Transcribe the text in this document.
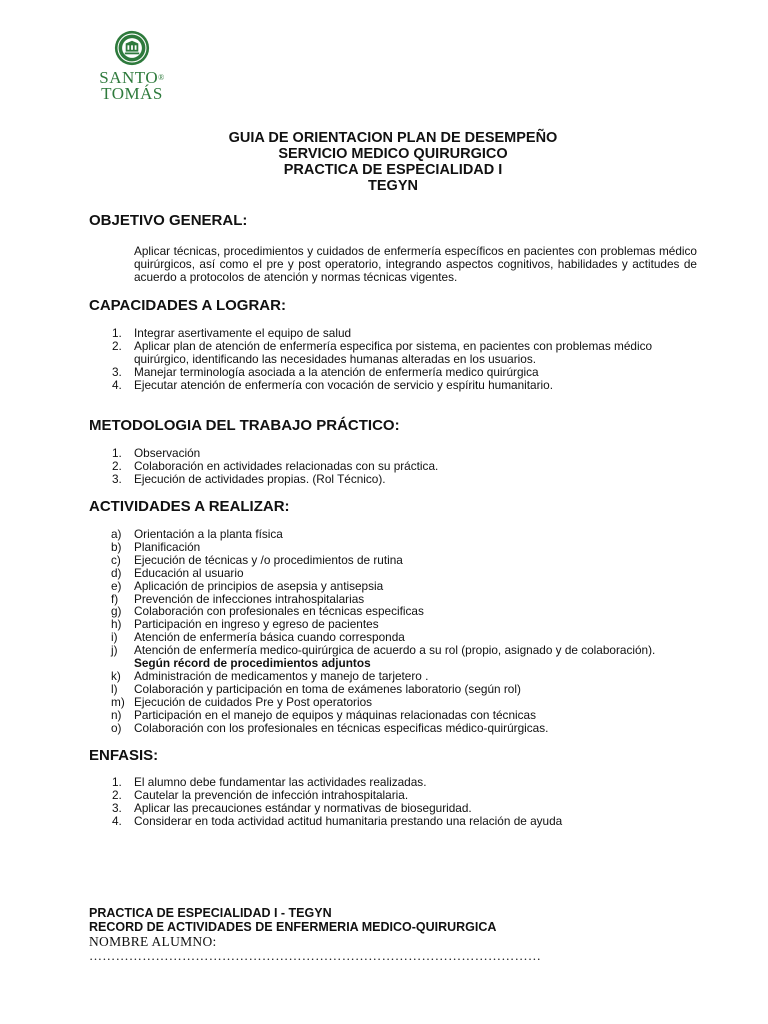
SANTO®
TOMÁS
GUIA DE ORIENTACION PLAN DE DESEMPEÑO
SERVICIO MEDICO QUIRURGICO
PRACTICA DE ESPECIALIDAD I
TEGYN
OBJETIVO GENERAL:

Aplicar técnicas, procedimientos y cuidados de enfermería específicos en pacientes con problemas médico quirúrgicos, así como el pre y post operatorio, integrando aspectos cognitivos, habilidades y actitudes de acuerdo a protocolos de atención y normas técnicas vigentes.

CAPACIDADES A LOGRAR:
1. Integrar asertivamente el equipo de salud
2. Aplicar plan de atención de enfermería especifica por sistema, en pacientes con problemas médico quirúrgico, identificando las necesidades humanas alteradas en los usuarios.
3. Manejar terminología asociada a la atención de enfermería medico quirúrgica
4. Ejecutar atención de enfermería con vocación de servicio y espíritu humanitario.
METODOLOGIA DEL TRABAJO PRÁCTICO:
1. Observación
2. Colaboración en actividades relacionadas con su práctica.
3. Ejecución de actividades propias. (Rol Técnico).
ACTIVIDADES A REALIZAR:
a) Orientación a la planta física
b) Planificación
c) Ejecución de técnicas y /o procedimientos de rutina
d) Educación al usuario
e) Aplicación de principios de asepsia y antisepsia
f) Prevención de infecciones intrahospitalarias
g) Colaboración con profesionales en técnicas especificas
h) Participación en ingreso y egreso de pacientes
i) Atención de enfermería básica cuando corresponda
j) Atención de enfermería medico-quirúrgica de acuerdo a su rol (propio, asignado y de colaboración). Según récord de procedimientos adjuntos
k) Administración de medicamentos y manejo de tarjetero .
l) Colaboración y participación en toma de exámenes laboratorio (según rol)
m) Ejecución de cuidados Pre y Post operatorios
n) Participación en el manejo de equipos y máquinas relacionadas con técnicas
o) Colaboración con los profesionales en técnicas especificas médico-quirúrgicas.
ENFASIS:
1. El alumno debe fundamentar las actividades realizadas.
2. Cautelar la prevención de infección intrahospitalaria.
3. Aplicar las precauciones estándar y normativas de bioseguridad.
4. Considerar en toda actividad actitud humanitaria prestando una relación de ayuda
PRACTICA DE ESPECIALIDAD I - TEGYN
RECORD DE ACTIVIDADES DE ENFERMERIA MEDICO-QUIRURGICA
NOMBRE ALUMNO:
…………………………………………………………………………………………
